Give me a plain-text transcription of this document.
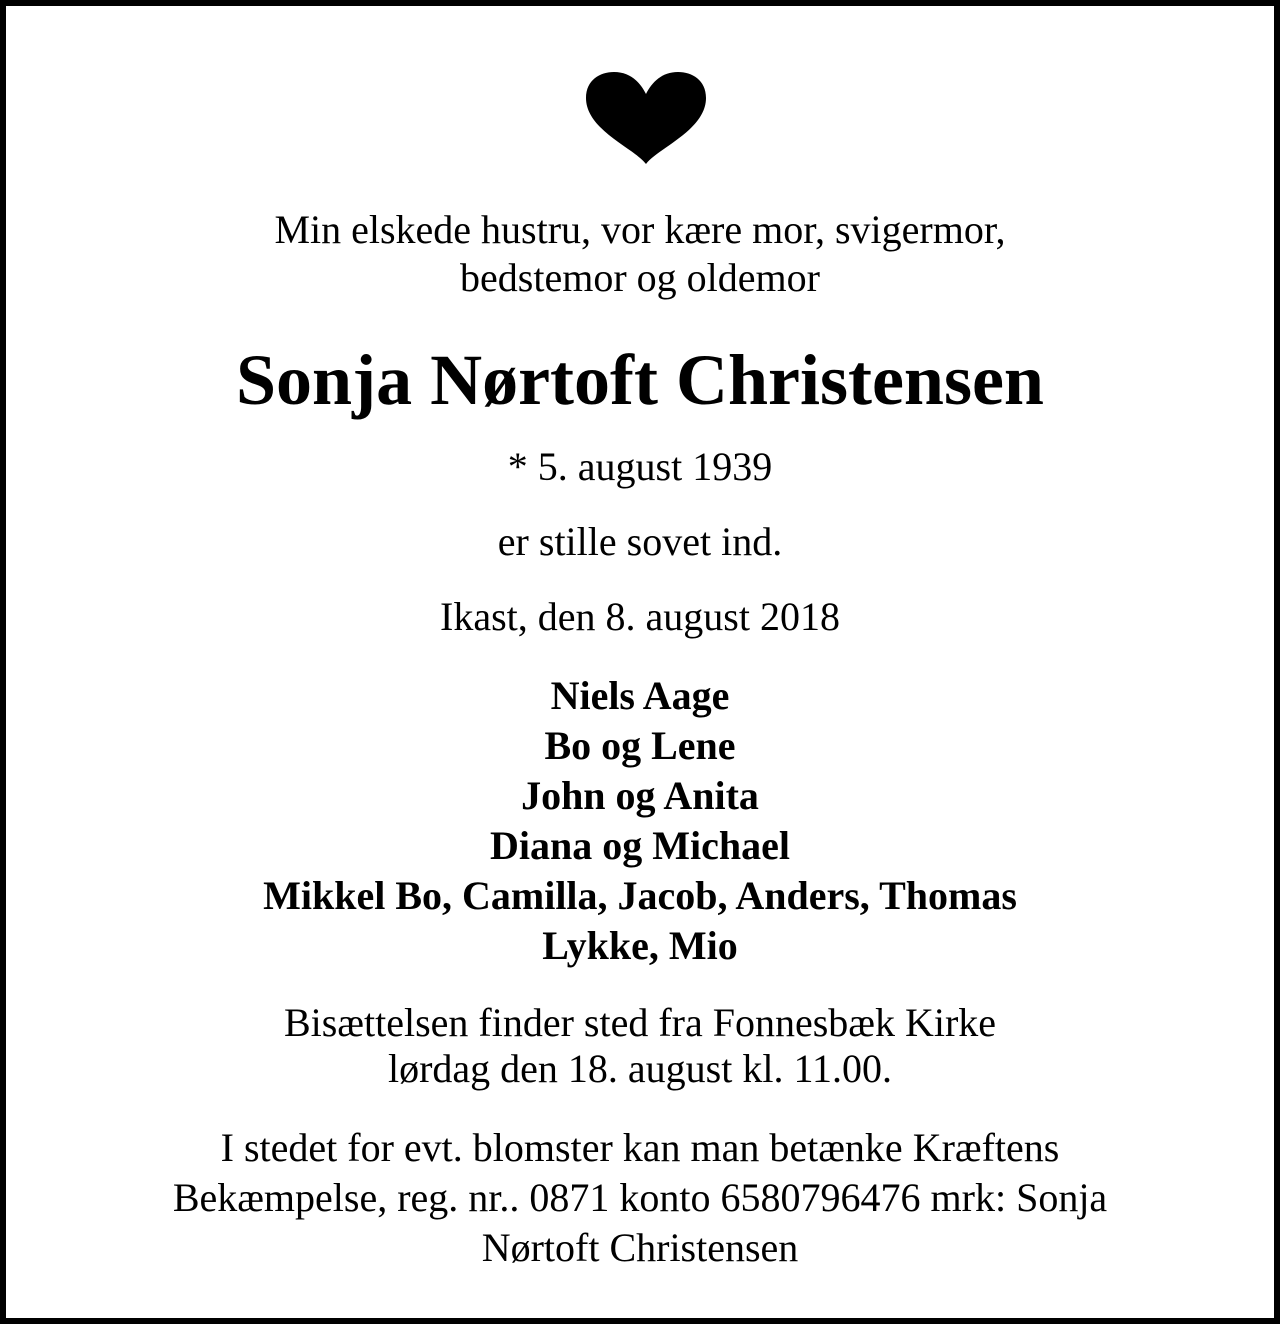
Min elskede hustru, vor kære mor, svigermor,
bedstemor og oldemor
Sonja Nørtoft Christensen
* 5. august 1939
er stille sovet ind.
Ikast, den 8. august 2018
Niels Aage
Bo og Lene
John og Anita
Diana og Michael
Mikkel Bo, Camilla, Jacob, Anders, Thomas
Lykke, Mio
Bisættelsen finder sted fra Fonnesbæk Kirke
lørdag den 18. august kl. 11.00.
I stedet for evt. blomster kan man betænke Kræftens
Bekæmpelse, reg. nr.. 0871 konto 6580796476 mrk: Sonja
Nørtoft Christensen
